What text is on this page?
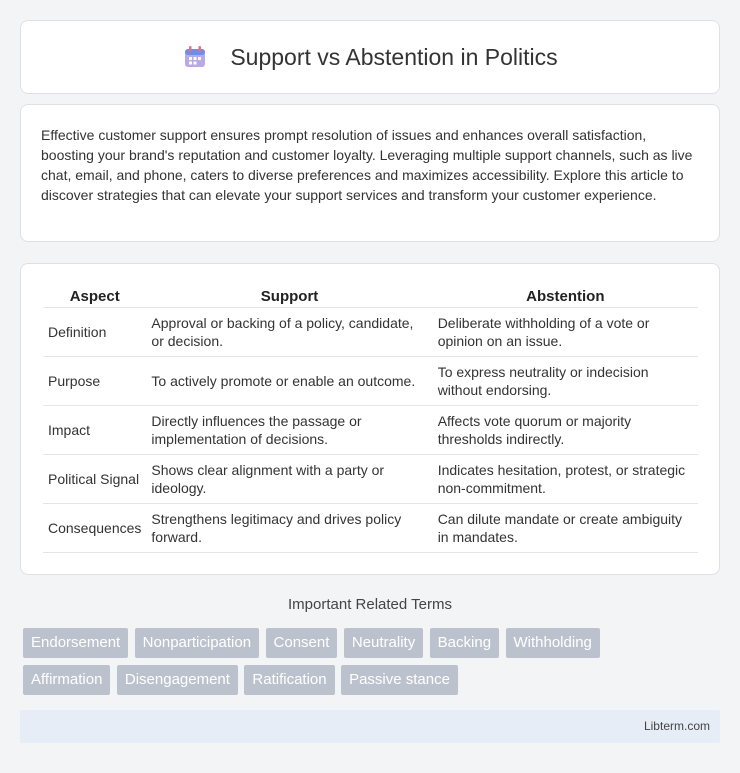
Support vs Abstention in Politics

Effective customer support ensures prompt resolution of issues and enhances overall satisfaction, boosting your brand's reputation and customer loyalty. Leveraging multiple support channels, such as live chat, email, and phone, caters to diverse preferences and maximizes accessibility. Explore this article to discover strategies that can elevate your support services and transform your customer experience.

Aspect	Support	Abstention
Definition	Approval or backing of a policy, candidate, or decision.	Deliberate withholding of a vote or opinion on an issue.
Purpose	To actively promote or enable an outcome.	To express neutrality or indecision without endorsing.
Impact	Directly influences the passage or implementation of decisions.	Affects vote quorum or majority thresholds indirectly.
Political Signal	Shows clear alignment with a party or ideology.	Indicates hesitation, protest, or strategic non-commitment.
Consequences	Strengthens legitimacy and drives policy forward.	Can dilute mandate or create ambiguity in mandates.
Important Related Terms
Endorsement Nonparticipation Consent Neutrality Backing Withholding
Affirmation Disengagement Ratification Passive stance
Libterm.com
